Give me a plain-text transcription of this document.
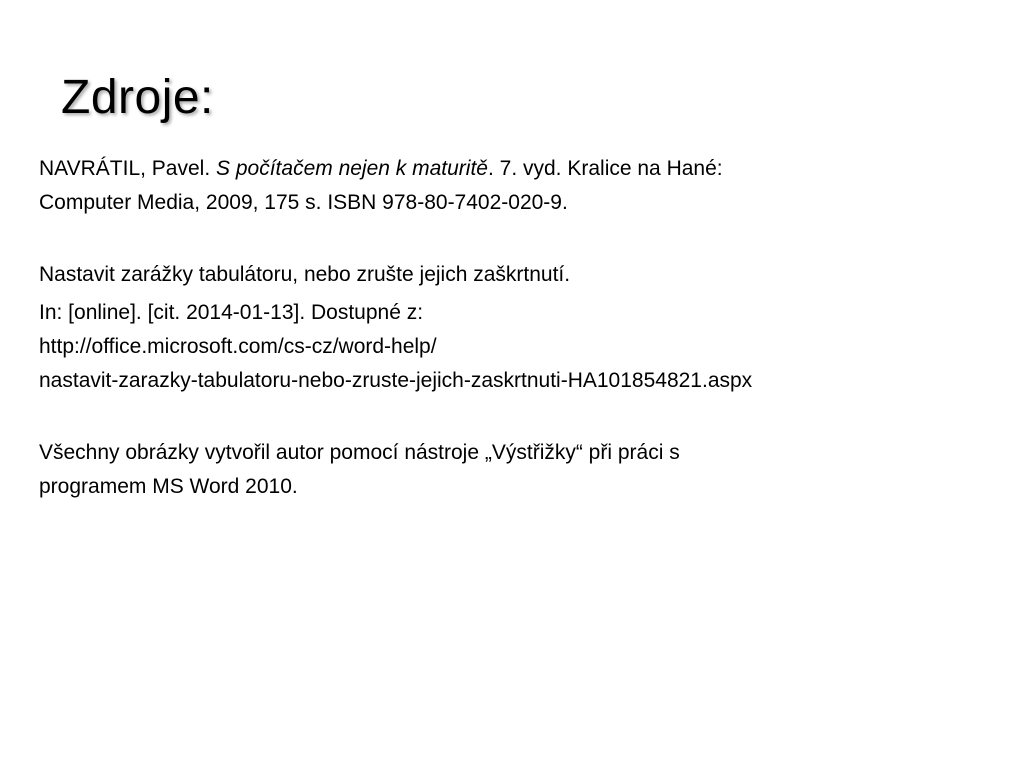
Zdroje:

NAVRÁTIL, Pavel. S počítačem nejen k maturitě. 7. vyd. Kralice na Hané:
Computer Media, 2009, 175 s. ISBN 978-80-7402-020-9.

Nastavit zarážky tabulátoru, nebo zrušte jejich zaškrtnutí.

In: [online]. [cit. 2014-01-13]. Dostupné z:
http://office.microsoft.com/cs-cz/word-help/
nastavit-zarazky-tabulatoru-nebo-zruste-jejich-zaskrtnuti-HA101854821.aspx

Všechny obrázky vytvořil autor pomocí nástroje „Výstřižky“ při práci s
programem MS Word 2010.
